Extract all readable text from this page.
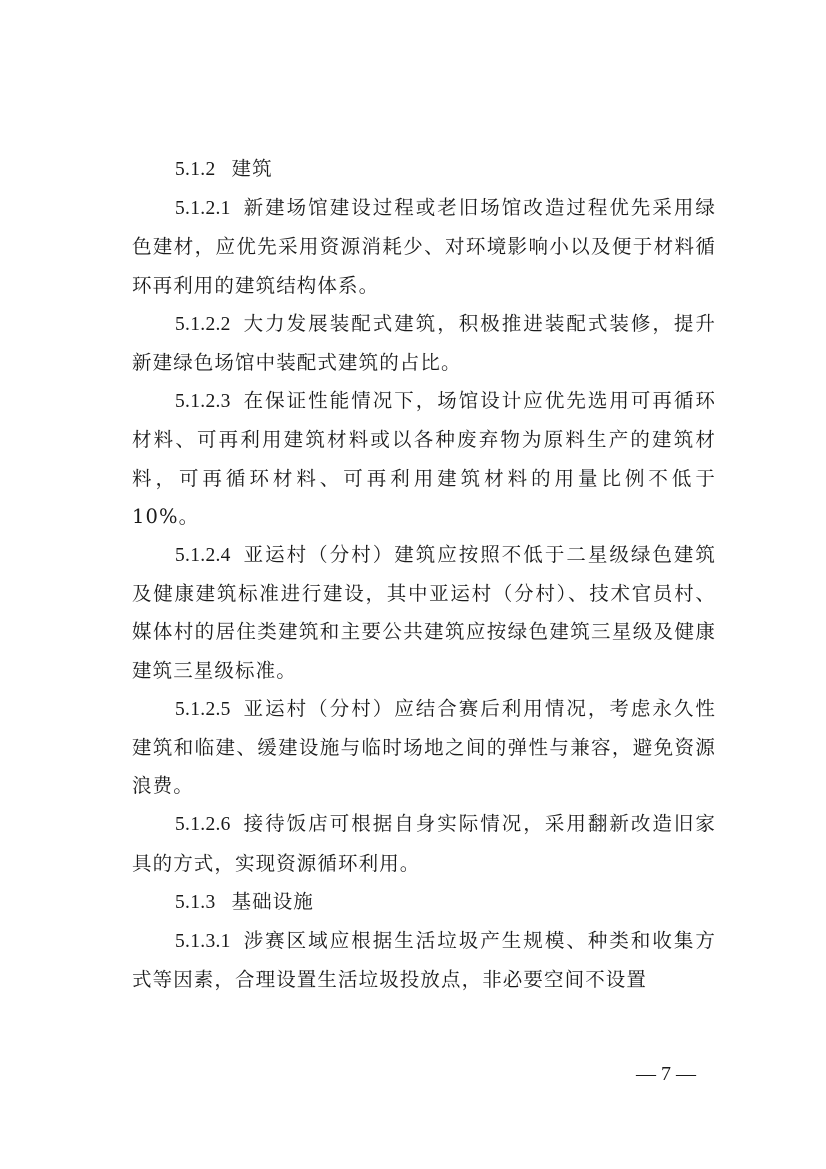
5.1.2 建筑

5.1.2.1 新建场馆建设过程或老旧场馆改造过程优先采用绿色建材，应优先采用资源消耗少、对环境影响小以及便于材料循环再利用的建筑结构体系。

5.1.2.2 大力发展装配式建筑，积极推进装配式装修，提升新建绿色场馆中装配式建筑的占比。

5.1.2.3 在保证性能情况下，场馆设计应优先选用可再循环材料、可再利用建筑材料或以各种废弃物为原料生产的建筑材料，可再循环材料、可再利用建筑材料的用量比例不低于 10%。

5.1.2.4 亚运村（分村）建筑应按照不低于二星级绿色建筑及健康建筑标准进行建设，其中亚运村（分村）、技术官员村、媒体村的居住类建筑和主要公共建筑应按绿色建筑三星级及健康建筑三星级标准。

5.1.2.5 亚运村（分村）应结合赛后利用情况，考虑永久性建筑和临建、缓建设施与临时场地之间的弹性与兼容，避免资源浪费。

5.1.2.6 接待饭店可根据自身实际情况，采用翻新改造旧家具的方式，实现资源循环利用。

5.1.3 基础设施

5.1.3.1 涉赛区域应根据生活垃圾产生规模、种类和收集方式等因素，合理设置生活垃圾投放点，非必要空间不设置

— 7 —
